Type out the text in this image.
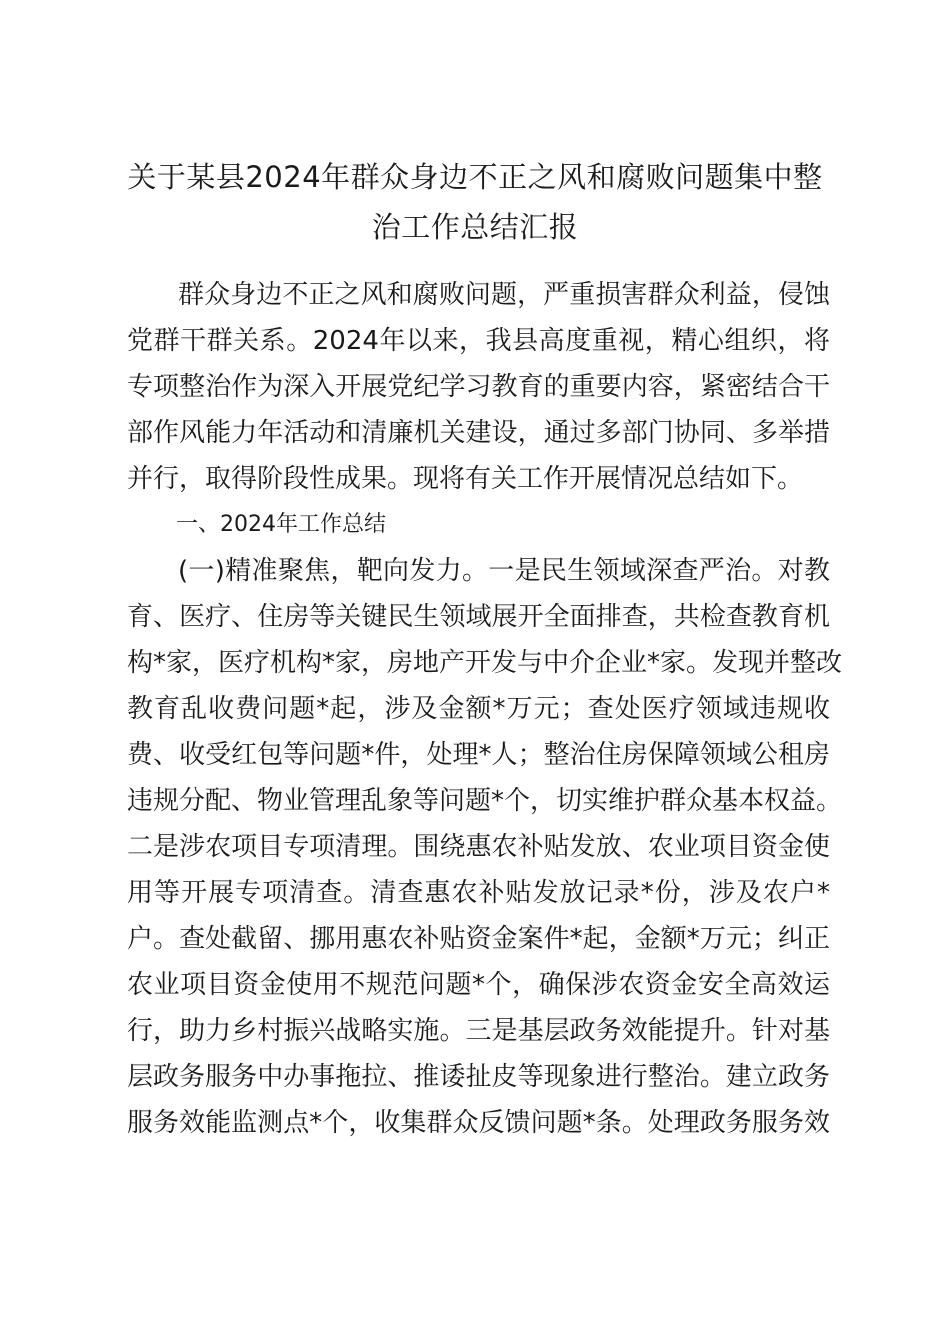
关于某县2024年群众身边不正之风和腐败问题集中整
治工作总结汇报
群众身边不正之风和腐败问题，严重损害群众利益，侵蚀
党群干群关系。2024年以来，我县高度重视，精心组织，将
专项整治作为深入开展党纪学习教育的重要内容，紧密结合干
部作风能力年活动和清廉机关建设，通过多部门协同、多举措
并行，取得阶段性成果。现将有关工作开展情况总结如下。
一、2024年工作总结
(一)精准聚焦，靶向发力。一是民生领域深查严治。对教
育、医疗、住房等关键民生领域展开全面排查，共检查教育机
构*家，医疗机构*家，房地产开发与中介企业*家。发现并整改
教育乱收费问题*起，涉及金额*万元；查处医疗领域违规收
费、收受红包等问题*件，处理*人；整治住房保障领域公租房
违规分配、物业管理乱象等问题*个，切实维护群众基本权益。
二是涉农项目专项清理。围绕惠农补贴发放、农业项目资金使
用等开展专项清查。清查惠农补贴发放记录*份，涉及农户*
户。查处截留、挪用惠农补贴资金案件*起，金额*万元；纠正
农业项目资金使用不规范问题*个，确保涉农资金安全高效运
行，助力乡村振兴战略实施。三是基层政务效能提升。针对基
层政务服务中办事拖拉、推诿扯皮等现象进行整治。建立政务
服务效能监测点*个，收集群众反馈问题*条。处理政务服务效
